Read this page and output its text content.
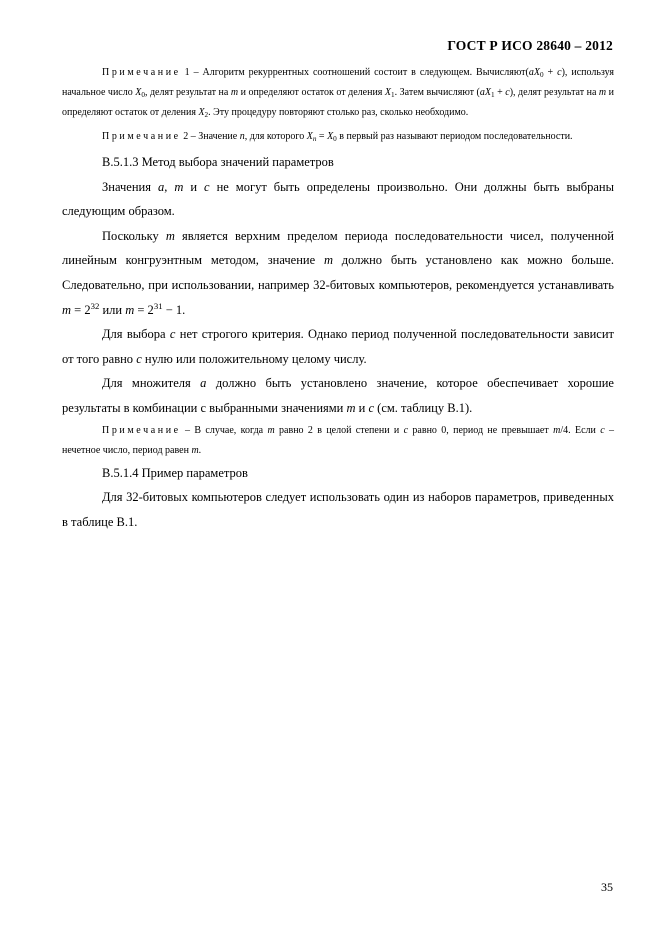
ГОСТ Р ИСО 28640 – 2012

Примечание 1 – Алгоритм рекуррентных соотношений состоит в следующем. $Вычисляют(aX_0 + c)$, используя начальное число $X_0$, делят результат на m и определяют остаток от деления $X_1$. Затем вычисляют $(aX_1 + c)$, делят результат на m и определяют остаток от деления $X_2$. Эту процедуру повторяют столько раз, сколько необходимо.

Примечание 2 – Значение n, для которого $X_n = X_0$ в первый раз называют периодом последовательности.

В.5.1.3 Метод выбора значений параметров

Значения a, m и c не могут быть определены произвольно. Они должны быть выбраны следующим образом.

Поскольку m является верхним пределом периода последовательности чисел, полученной линейным конгруэнтным методом, значение m должно быть установлено как можно больше. Следовательно, при использовании, например 32-битовых компьютеров, рекомендуется устанавливать $m = 2^{32}$ или $m = 2^{31} - 1$.

Для выбора c нет строгого критерия. Однако период полученной последовательности зависит от того равно c нулю или положительному целому числу.

Для множителя a должно быть установлено значение, которое обеспечивает хорошие результаты в комбинации с выбранными значениями m и c (см. таблицу В.1).

Примечание – В случае, когда m равно 2 в целой степени и c равно 0, период не превышает m/4. Если c – нечетное число, период равен m.

В.5.1.4 Пример параметров

Для 32-битовых компьютеров следует использовать один из наборов параметров, приведенных в таблице В.1.

35
